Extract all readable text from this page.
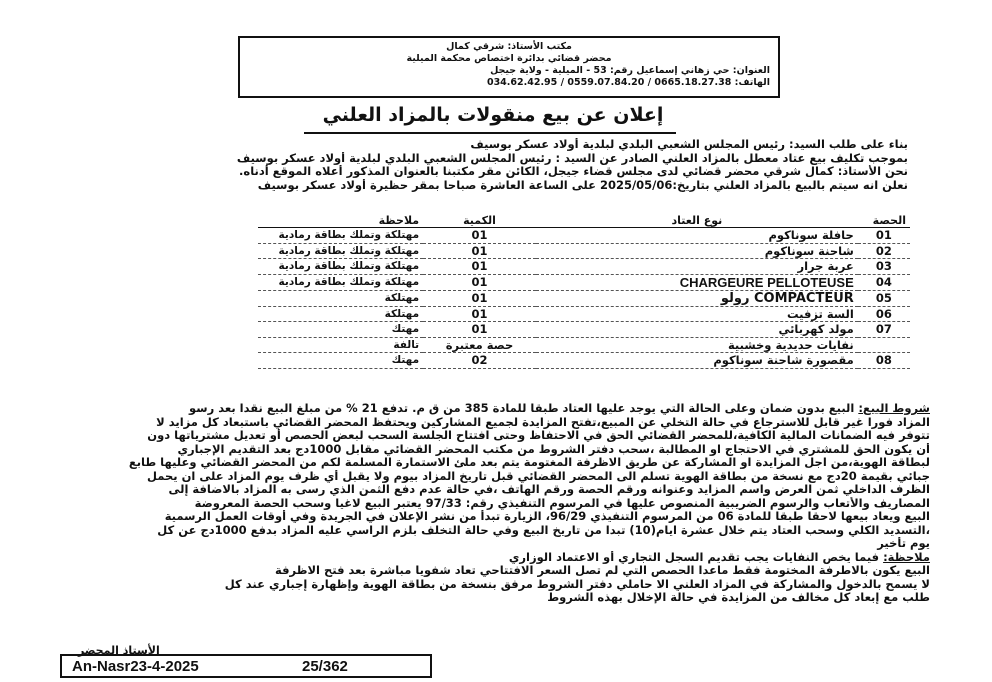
مكتب الأستاذ: شرقي كمال
محضر قضائي بدائرة اختصاص محكمة الميلية
العنوان: حي زهاني إسماعيل رقم: 53 - الميلية - ولاية جيجل
الهاتف: 0665.18.27.38 / 0559.07.84.20 / 034.62.42.95
إعلان عن بيع منقولات بالمزاد العلني
بناء على طلب السيد: رئيس المجلس الشعبي البلدي لبلدية أولاد عسكر بوسيف
بموجب تكليف بيع عتاد معطل بالمزاد العلني الصادر عن السيد : رئيس المجلس الشعبي البلدي لبلدية أولاد عسكر بوسيف
نحن الأستاذ: كمال شرقي محضر قضائي لدى مجلس قضاء جيجل، الكائن مقر مكتبنا بالعنوان المذكور أعلاه الموقع أدناه.
نعلن انه سيتم بالبيع بالمزاد العلني بتاريخ:2025/05/06 على الساعة العاشرة صباحا بمقر حظيرة أولاد عسكر بوسيف
الحصة	نوع العتاد	الكمية	ملاحظة
01	حافلة سوناكوم	01	مهتلكة وتملك بطاقة رمادية
02	شاحنة سوناكوم	01	مهتلكة وتملك بطاقة رمادية
03	عربة جرار	01	مهتلكة وتملك بطاقة رمادية
04	CHARGEURE PELLOTEUSE	01	مهتلكة وتملك بطاقة رمادية
05	COMPACTEUR رولو	01	مهتلكة
06	السة تزفيت	01	مهتلكة
07	مولد كهربائي	01	مهتك
	نفايات حديدية وخشبية	حصة معتبرة	تالفة
08	مقصورة شاحنة سوناكوم	02	مهتك
شروط البيع: البيع بدون ضمان وعلى الحالة التي يوجد عليها العتاد طبقا للمادة 385 من ق م. تدفع 21 % من مبلغ البيع نقدا بعد رسو
المزاد فورا غير قابل للاسترجاع في حالة التخلي عن المبيع،تفتح المزايدة لجميع المشاركين ويحتفظ المحضر القضائي باستبعاد كل مزايد لا
تتوفر فيه الضمانات المالية الكافية،للمحضر القضائي الحق في الاحتفاظ وحتى افتتاح الجلسة السحب لبعض الحصص أو تعديل مشترياتها دون
أن يكون الحق للمشتري في الاحتجاج او المطالبة ،سحب دفتر الشروط من مكتب المحضر القضائي مقابل 1000دج بعد التقديم الإجباري
لبطاقة الهوية،من اجل المزايدة او المشاركة عن طريق الاظرفة المغتومة يتم بعد ملئ الاستمارة المسلمة لكم من المحضر القضائي وعليها طابع
جبائي بقيمة 20دج مع نسخة من بطاقة الهوية تسلم الى المحضر القضائي قبل تاريخ المزاد بيوم ولا يقبل أي ظرف يوم المزاد على ان يحمل
الظرف الداخلي ثمن العرض واسم المزايد وعنوانه ورقم الحصة ورقم الهاتف ،في حالة عدم دفع الثمن الذي رسى به المزاد بالاضافة إلى
المصاريف والأتعاب والرسوم الضريبية المنصوص عليها في المرسوم التنفيذي رقم: 97/33 يعتبر البيع لاغيا وسحب الحصة المعروضة
البيع ويعاد بيعها لاحقا طبقا للمادة 06 من المرسوم التنفيذي 96/29، الزيارة تبدأ من نشر الإعلان في الجريدة وفي أوقات العمل الرسمية
،التسديد الكلي وسحب العتاد يتم خلال عشرة ايام(10) تبدا من تاريخ البيع وفي حالة التخلف بلزم الراسي عليه المزاد بدفع 1000دج عن كل
يوم تأخير
ملاحظة: فيما يخص النفايات يجب تقديم السجل التجاري أو الاعتماد الوزاري
البيع يكون بالاطرفة المختومة فقط ماعدا الحصص التي لم تصل السعر الافتتاحي تعاد شفويا مباشرة بعد فتح الاظرفة
لا يسمح بالدخول والمشاركة في المزاد العلني الا حاملي دفتر الشروط مرفق بنسخة من بطاقة الهوية وإظهارة إجباري عند كل
طلب مع إبعاد كل مخالف من المزايدة في حالة الإخلال بهذه الشروط
الأستاذ المحضر
An-Nasr23-4-2025	25/362
